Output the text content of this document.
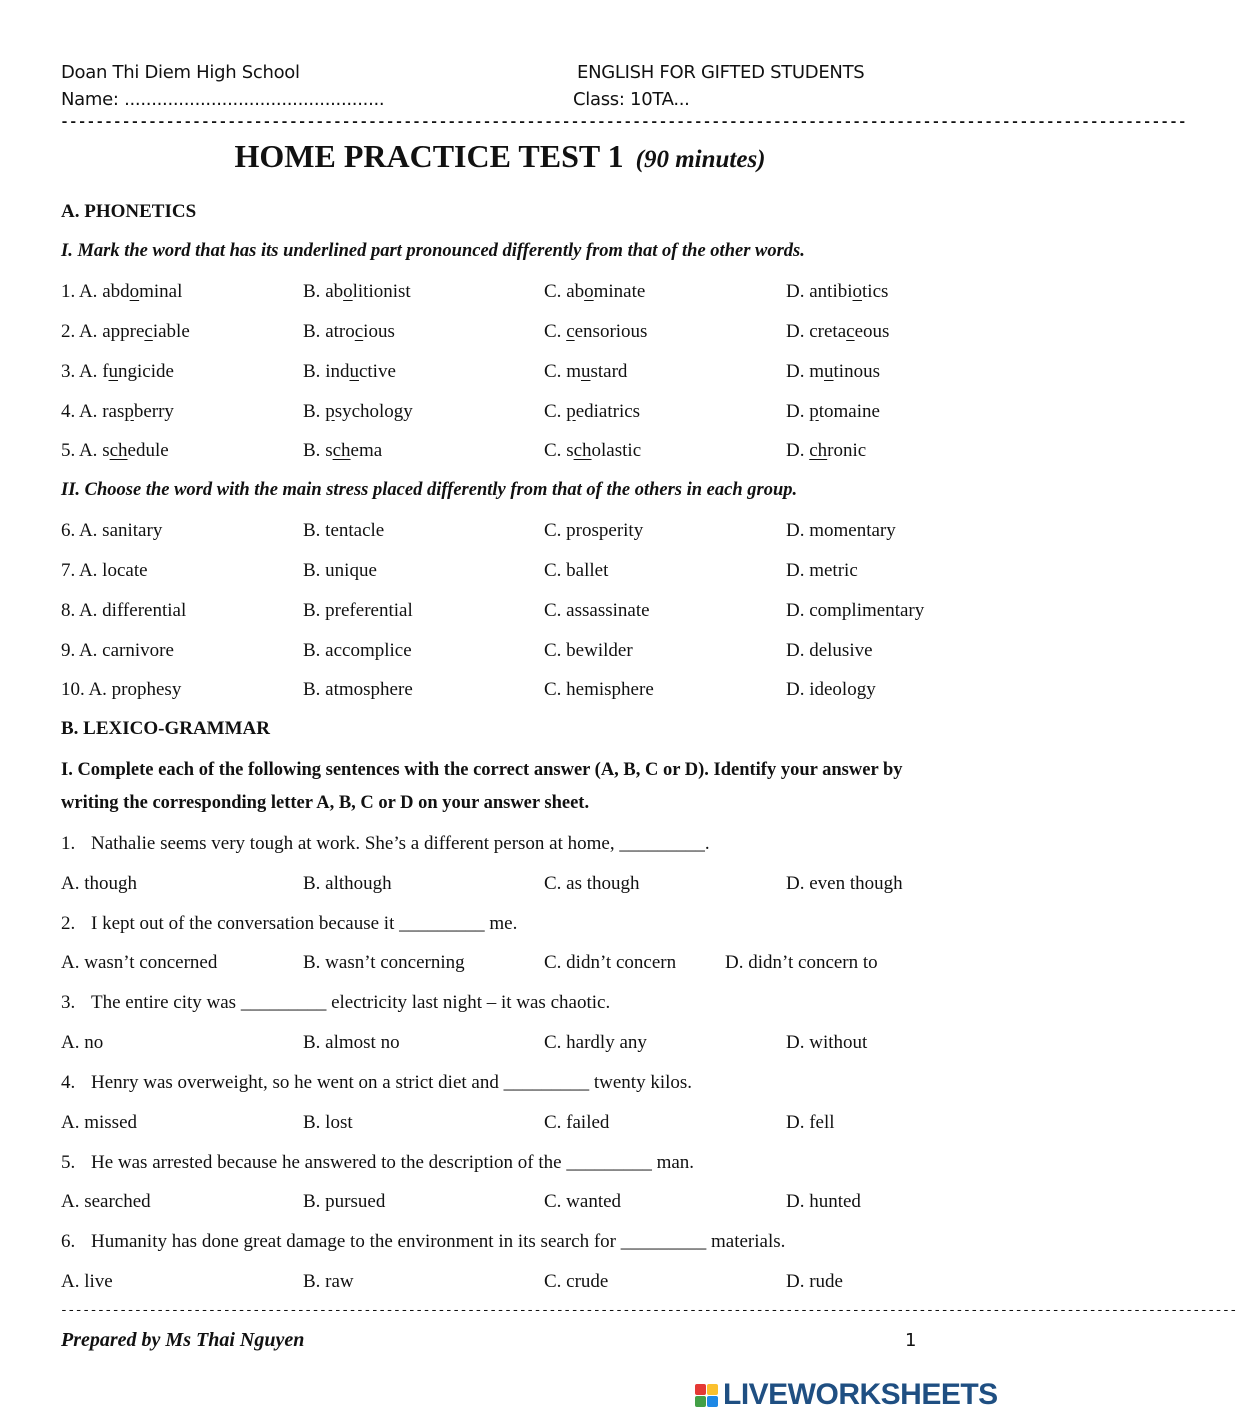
Doan Thi Diem High School	ENGLISH FOR GIFTED STUDENTS
Name: ................................................	Class: 10TA...
--------------------------------------------------------------------------------------------------------------------------------
HOME PRACTICE TEST 1 (90 minutes)
A. PHONETICS
I. Mark the word that has its underlined part pronounced differently from that of the other words.
1. A. abdominal	B. abolitionist	C. abominate	D. antibiotics
2. A. appreciable	B. atrocious	C. censorious	D. cretaceous
3. A. fungicide	B. inductive	C. mustard	D. mutinous
4. A. raspberry	B. psychology	C. pediatrics	D. ptomaine
5. A. schedule	B. schema	C. scholastic	D. chronic
II. Choose the word with the main stress placed differently from that of the others in each group.
6. A. sanitary	B. tentacle	C. prosperity	D. momentary
7. A. locate	B. unique	C. ballet	D. metric
8. A. differential	B. preferential	C. assassinate	D. complimentary
9. A. carnivore	B. accomplice	C. bewilder	D. delusive
10. A. prophesy	B. atmosphere	C. hemisphere	D. ideology
B. LEXICO-GRAMMAR
I. Complete each of the following sentences with the correct answer (A, B, C or D). Identify your answer by
writing the corresponding letter A, B, C or D on your answer sheet.
1. Nathalie seems very tough at work. She’s a different person at home, _________.
A. though	B. although	C. as though	D. even though
2. I kept out of the conversation because it _________ me.
A. wasn’t concerned	B. wasn’t concerning	C. didn’t concern	D. didn’t concern to
3. The entire city was _________ electricity last night – it was chaotic.
A. no	B. almost no	C. hardly any	D. without
4. Henry was overweight, so he went on a strict diet and _________ twenty kilos.
A. missed	B. lost	C. failed	D. fell
5. He was arrested because he answered to the description of the _________ man.
A. searched	B. pursued	C. wanted	D. hunted
6. Humanity has done great damage to the environment in its search for _________ materials.
A. live	B. raw	C. crude	D. rude
---------------------------------------------------------------------------------------------------------------------------------------------------------------
Prepared by Ms Thai Nguyen	1
LIVEWORKSHEETS
